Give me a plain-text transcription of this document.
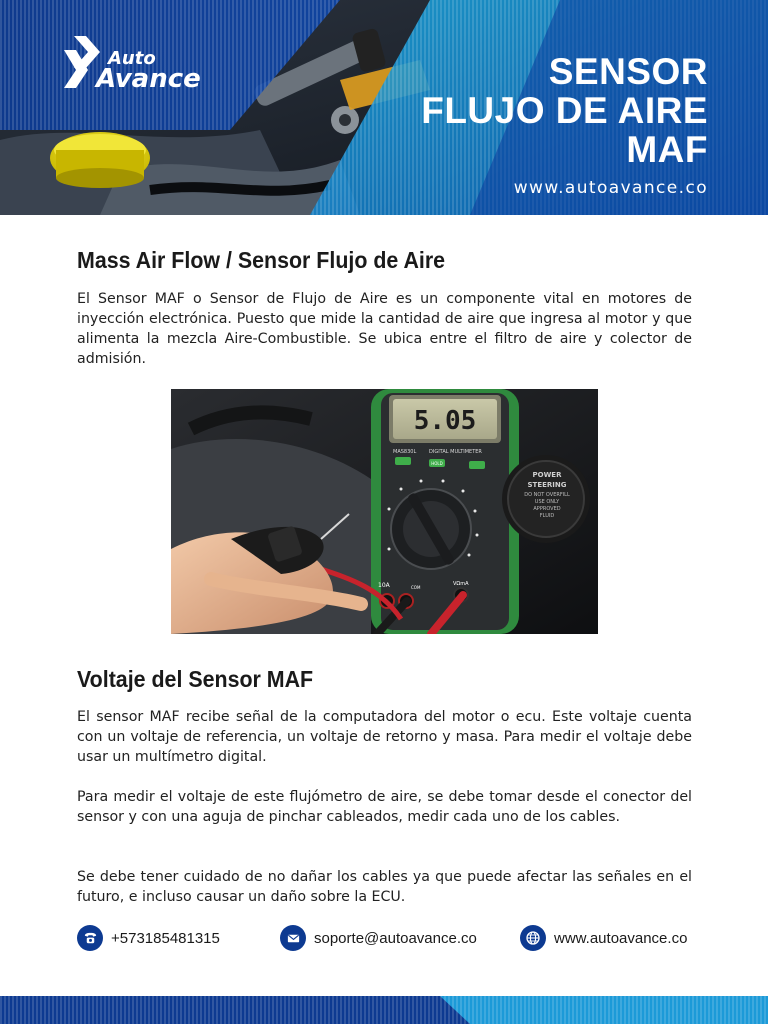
Auto
Avance	SENSOR
FLUJO DE AIRE
MAF
www.autoavance.co
Mass Air Flow / Sensor Flujo de Aire

El Sensor MAF o Sensor de Flujo de Aire es un componente vital en motores de inyección electrónica. Puesto que mide la cantidad de aire que ingresa al motor y que alimenta la mezcla Aire-Combustible. Se ubica entre el filtro de aire y colector de admisión.

5.05
MAS830L	DIGITAL MULTIMETER
HOLD
10A	VΩmA
COM
POWER
STEERING
DO NOT OVERFILL
USE ONLY
APPROVED
FLUID
Voltaje del Sensor MAF

El sensor MAF recibe señal de la computadora del motor o ecu. Este voltaje cuenta con un voltaje de referencia, un voltaje de retorno y masa. Para medir el voltaje debe usar un multímetro digital.

Para medir el voltaje de este flujómetro de aire, se debe tomar desde el conector del sensor y con una aguja de pinchar cableados, medir cada uno de los cables.

Se debe tener cuidado de no dañar los cables ya que puede afectar las señales en el futuro, e incluso causar un daño sobre la ECU.

+573185481315	soporte@autoavance.co	www.autoavance.co
